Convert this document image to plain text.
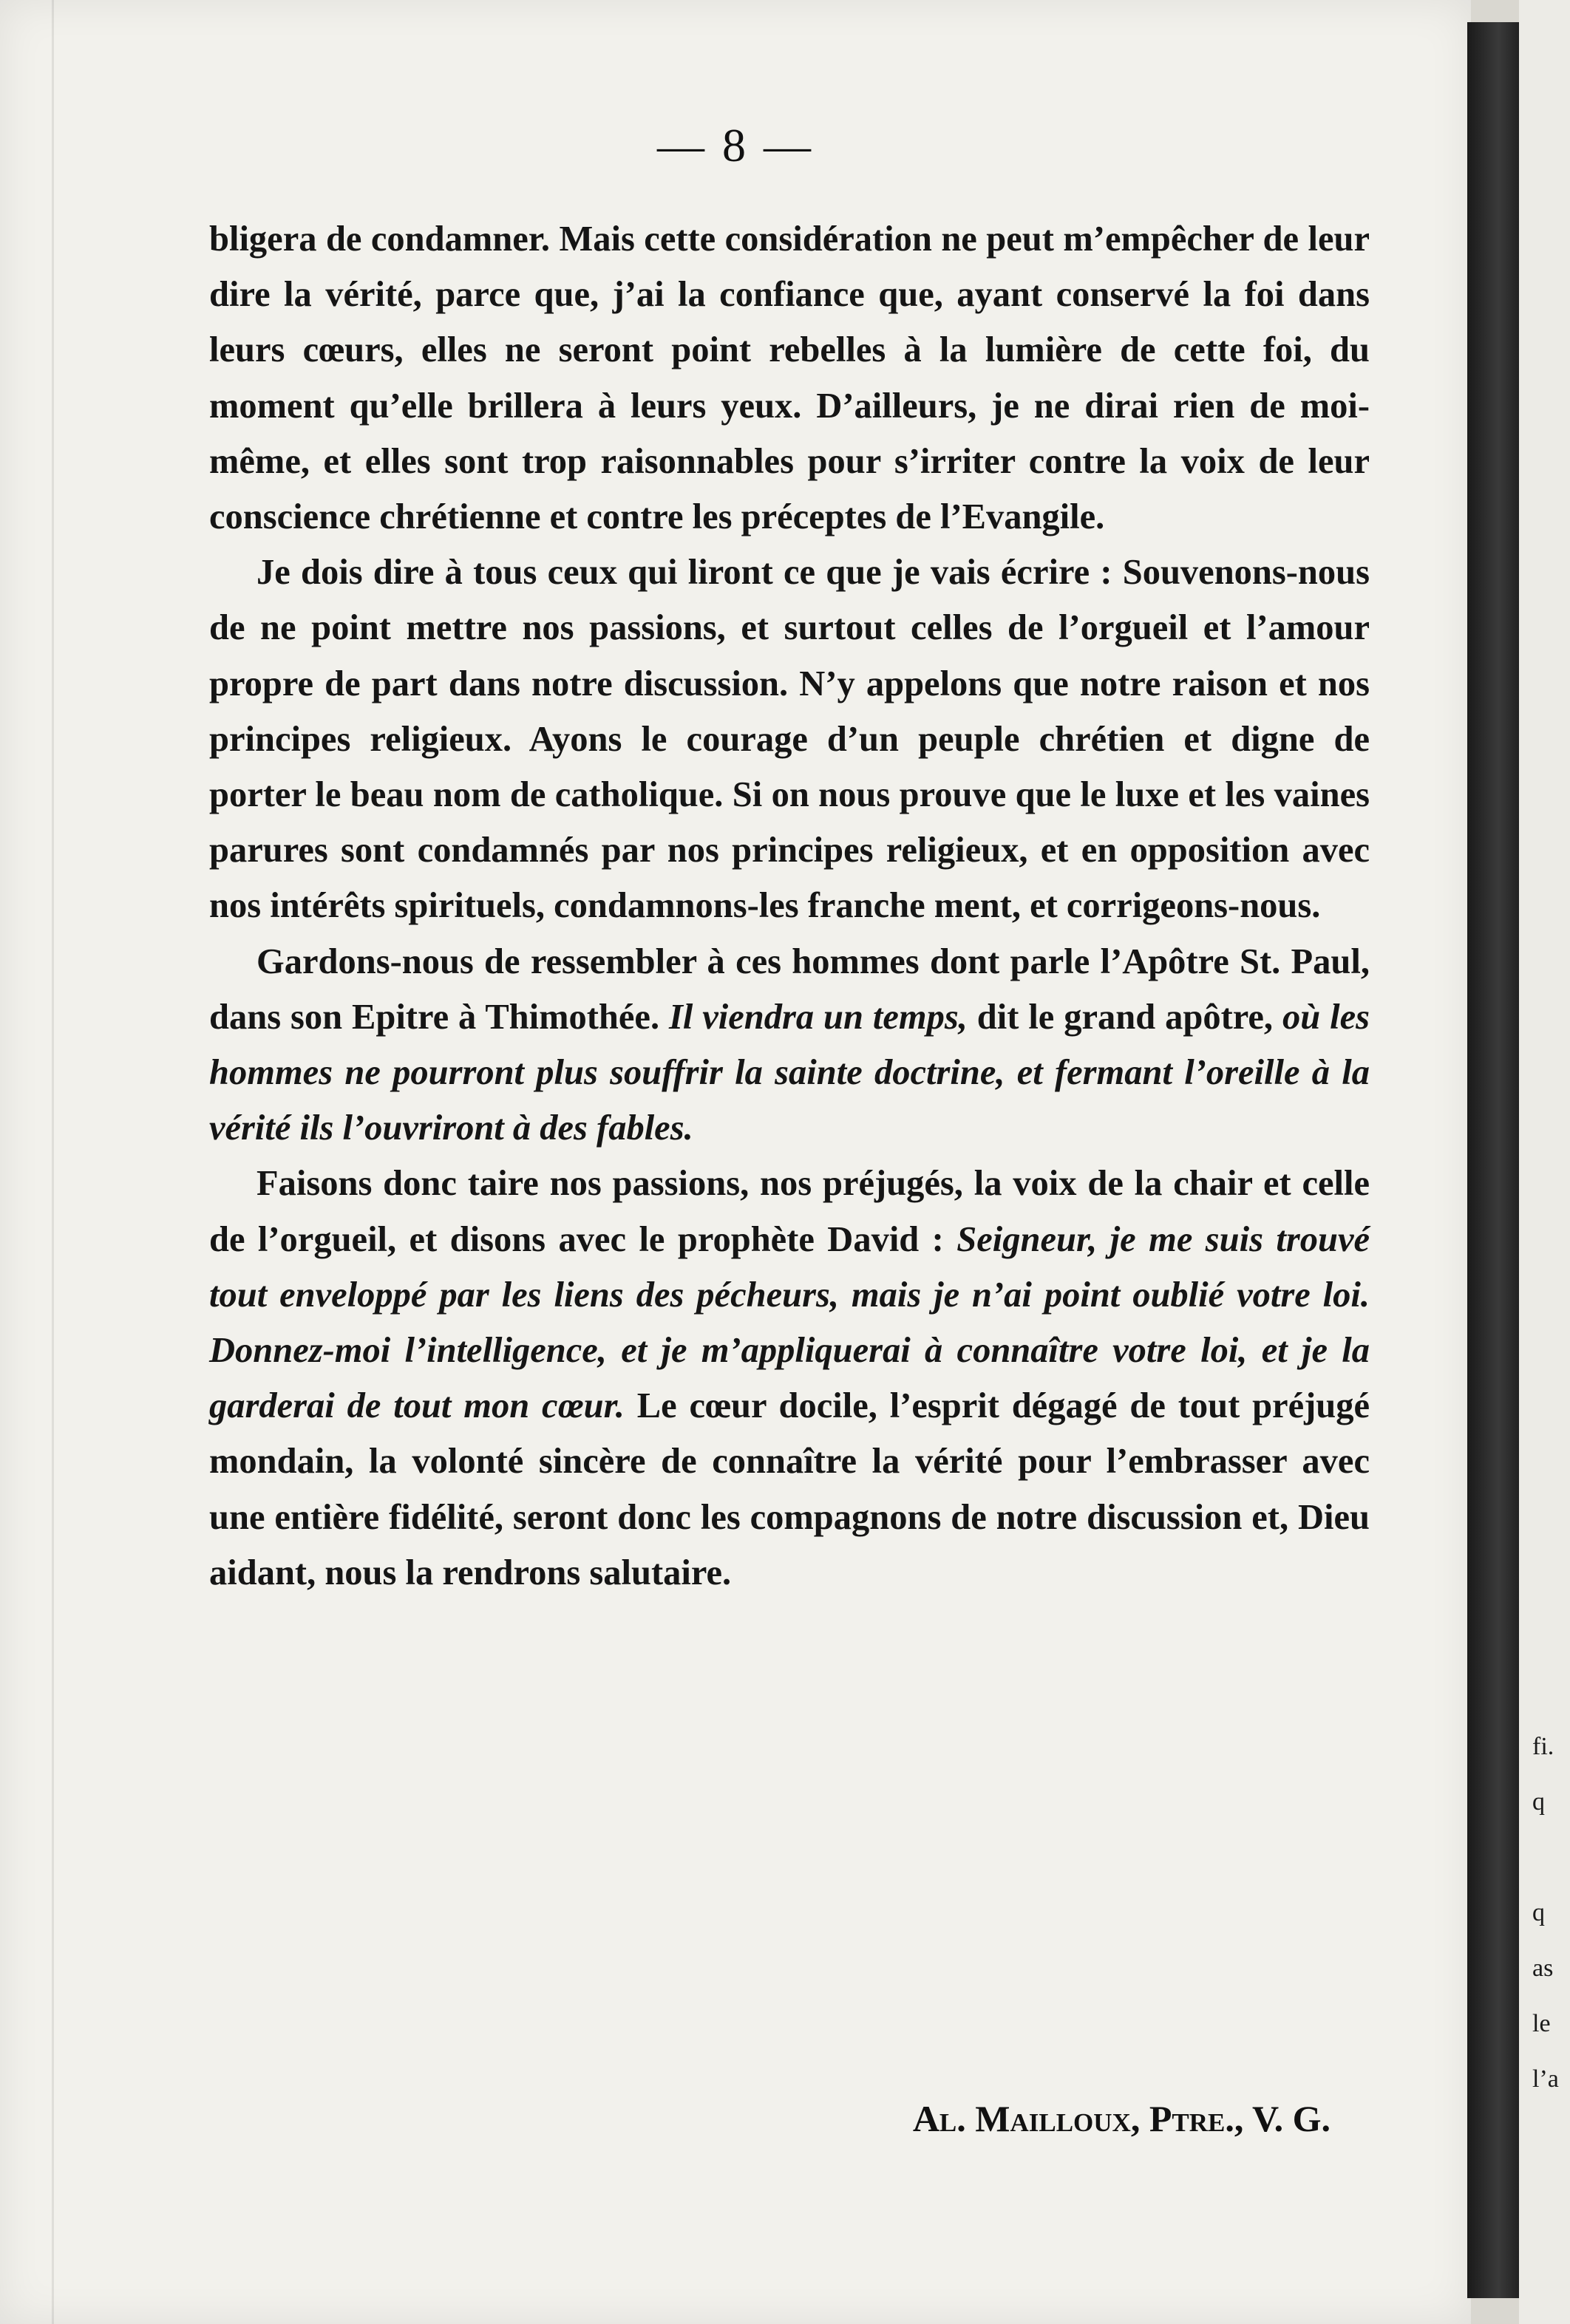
— 8 —

bligera de condamner. Mais cette considération ne peut m’empêcher de leur dire la vérité, parce que, j’ai la confiance que, ayant conservé la foi dans leurs cœurs, elles ne seront point rebelles à la lumière de cette foi, du moment qu’elle brillera à leurs yeux. D’ailleurs, je ne dirai rien de moi-même, et elles sont trop raisonnables pour s’irriter contre la voix de leur conscience chrétienne et contre les préceptes de l’Evangile.

Je dois dire à tous ceux qui liront ce que je vais écrire : Souvenons-nous de ne point mettre nos passions, et surtout celles de l’orgueil et l’amour propre de part dans notre discussion. N’y appelons que notre raison et nos principes religieux. Ayons le courage d’un peuple chrétien et digne de porter le beau nom de catholique. Si on nous prouve que le luxe et les vaines parures sont condamnés par nos principes religieux, et en opposition avec nos intérêts spirituels, condamnons-les franche ment, et corrigeons-nous.

Gardons-nous de ressembler à ces hommes dont parle l’Apôtre St. Paul, dans son Epitre à Thimothée. Il viendra un temps, dit le grand apôtre, où les hommes ne pourront plus souffrir la sainte doctrine, et fermant l’oreille à la vérité ils l’ouvriront à des fables.

Faisons donc taire nos passions, nos préjugés, la voix de la chair et celle de l’orgueil, et disons avec le prophète David : Seigneur, je me suis trouvé tout enveloppé par les liens des pécheurs, mais je n’ai point oublié votre loi. Donnez-moi l’intelligence, et je m’appliquerai à connaître votre loi, et je la garderai de tout mon cœur. Le cœur docile, l’esprit dégagé de tout préjugé mondain, la volonté sincère de connaître la vérité pour l’embrasser avec une entière fidélité, seront donc les compagnons de notre discussion et, Dieu aidant, nous la rendrons salutaire.

Al. Mailloux, Ptre., V. G.
fi.
q
q
as
le
l’a
